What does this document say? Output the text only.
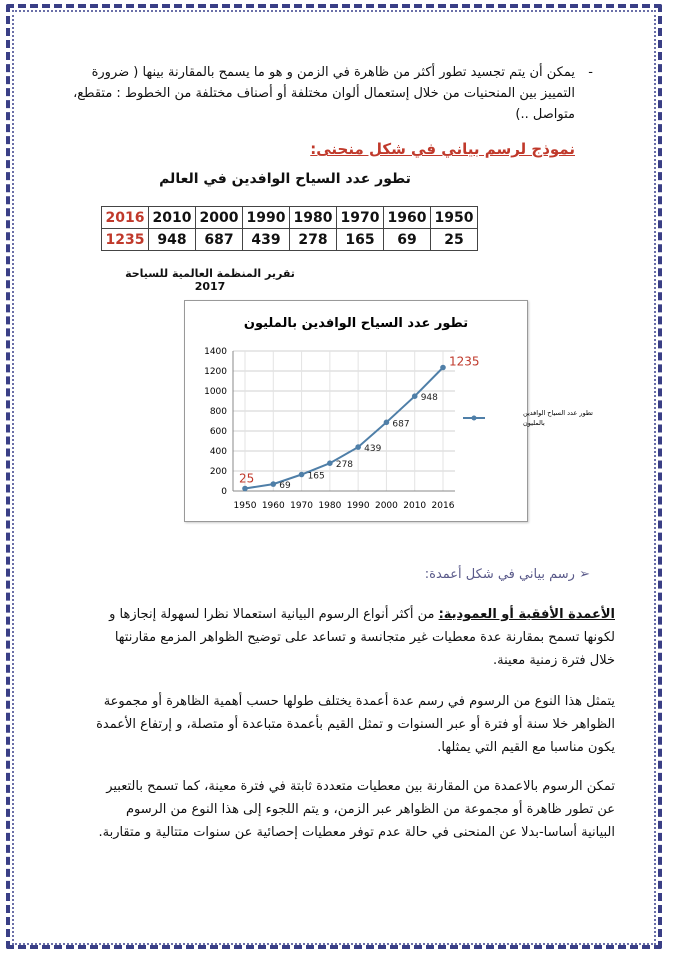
-
يمكن أن يتم تجسيد تطور أكثر من ظاهرة في الزمن و هو ما يسمح بالمقارنة بينها ( ضرورة التمييز بين المنحنيات من خلال إستعمال ألوان مختلفة أو أصناف مختلفة من الخطوط : متقطع، متواصل ..)
نموذج لرسم بياني في شكل منحنى:
تطور عدد السياح الوافدين في العالم
2016	2010	2000	1990	1980	1970	1960	1950
1235	948	687	439	278	165	69	25
تقرير المنظمة العالمية للسياحة 2017
تطور عدد السياح الوافدين بالمليون
0
200
400
600
800
1000
1200
1400
1950 1960 1970 1980 1990 2000 2010 2016
25
69
165
278
439
687
948
1235
تطور عدد السياح الوافدين
بالمليون
➢ رسم بياني في شكل أعمدة:
الأعمدة الأفقية أو العمودية: من أكثر أنواع الرسوم البيانية استعمالا نظرا لسهولة إنجازها و لكونها تسمح بمقارنة عدة معطيات غير متجانسة و تساعد على توضيح الظواهر المزمع مقارنتها خلال فترة زمنية معينة.
يتمثل هذا النوع من الرسوم في رسم عدة أعمدة يختلف طولها حسب أهمية الظاهرة أو مجموعة الظواهر خلا سنة أو فترة أو عبر السنوات و تمثل القيم بأعمدة متباعدة أو متصلة، و إرتفاع الأعمدة يكون مناسبا مع القيم التي يمثلها.
تمكن الرسوم بالاعمدة من المقارنة بين معطيات متعددة ثابتة في فترة معينة، كما تسمح بالتعبير عن تطور ظاهرة أو مجموعة من الظواهر عبر الزمن، و يتم اللجوء إلى هذا النوع من الرسوم البيانية أساسا-بدلا عن المنحنى في حالة عدم توفر معطيات إحصائية عن سنوات متتالية و متقاربة.
